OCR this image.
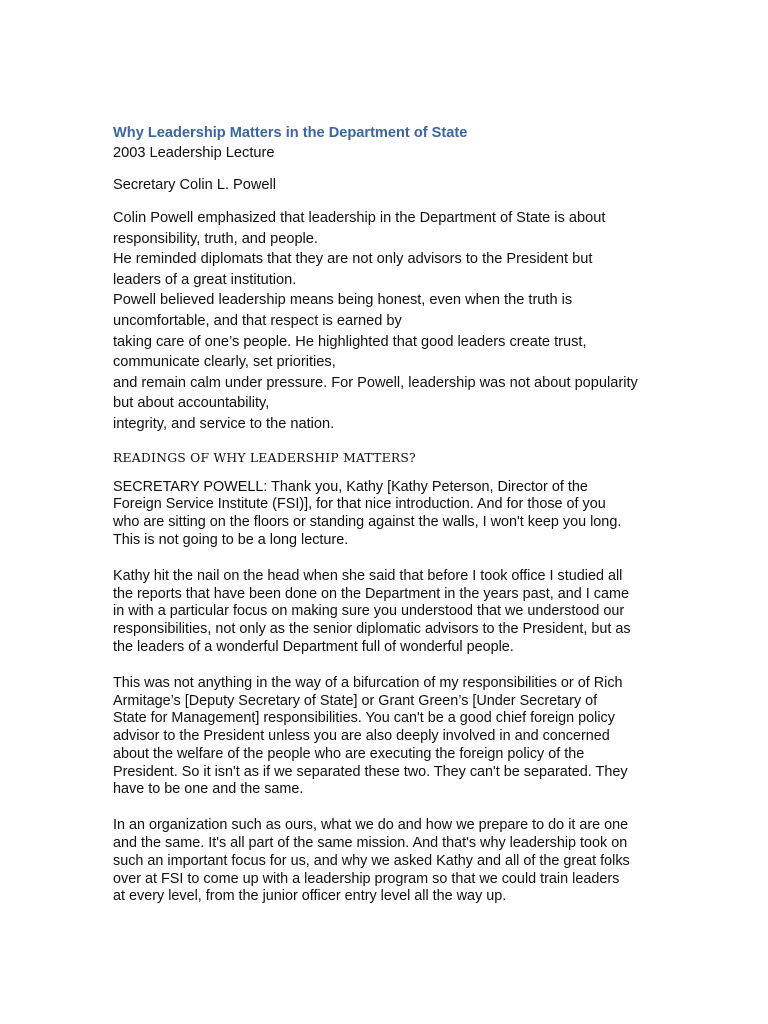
Why Leadership Matters in the Department of State
2003 Leadership Lecture
Secretary Colin L. Powell
Colin Powell emphasized that leadership in the Department of State is about
responsibility, truth, and people.
He reminded diplomats that they are not only advisors to the President but
leaders of a great institution.
Powell believed leadership means being honest, even when the truth is
uncomfortable, and that respect is earned by
taking care of one’s people. He highlighted that good leaders create trust,
communicate clearly, set priorities,
and remain calm under pressure. For Powell, leadership was not about popularity
but about accountability,
integrity, and service to the nation.
READINGS OF WHY LEADERSHIP MATTERS?
SECRETARY POWELL: Thank you, Kathy [Kathy Peterson, Director of the
Foreign Service Institute (FSI)], for that nice introduction. And for those of you
who are sitting on the floors or standing against the walls, I won't keep you long.
This is not going to be a long lecture.
Kathy hit the nail on the head when she said that before I took office I studied all
the reports that have been done on the Department in the years past, and I came
in with a particular focus on making sure you understood that we understood our
responsibilities, not only as the senior diplomatic advisors to the President, but as
the leaders of a wonderful Department full of wonderful people.
This was not anything in the way of a bifurcation of my responsibilities or of Rich
Armitage’s [Deputy Secretary of State] or Grant Green’s [Under Secretary of
State for Management] responsibilities. You can't be a good chief foreign policy
advisor to the President unless you are also deeply involved in and concerned
about the welfare of the people who are executing the foreign policy of the
President. So it isn't as if we separated these two. They can't be separated. They
have to be one and the same.
In an organization such as ours, what we do and how we prepare to do it are one
and the same. It's all part of the same mission. And that's why leadership took on
such an important focus for us, and why we asked Kathy and all of the great folks
over at FSI to come up with a leadership program so that we could train leaders
at every level, from the junior officer entry level all the way up.
